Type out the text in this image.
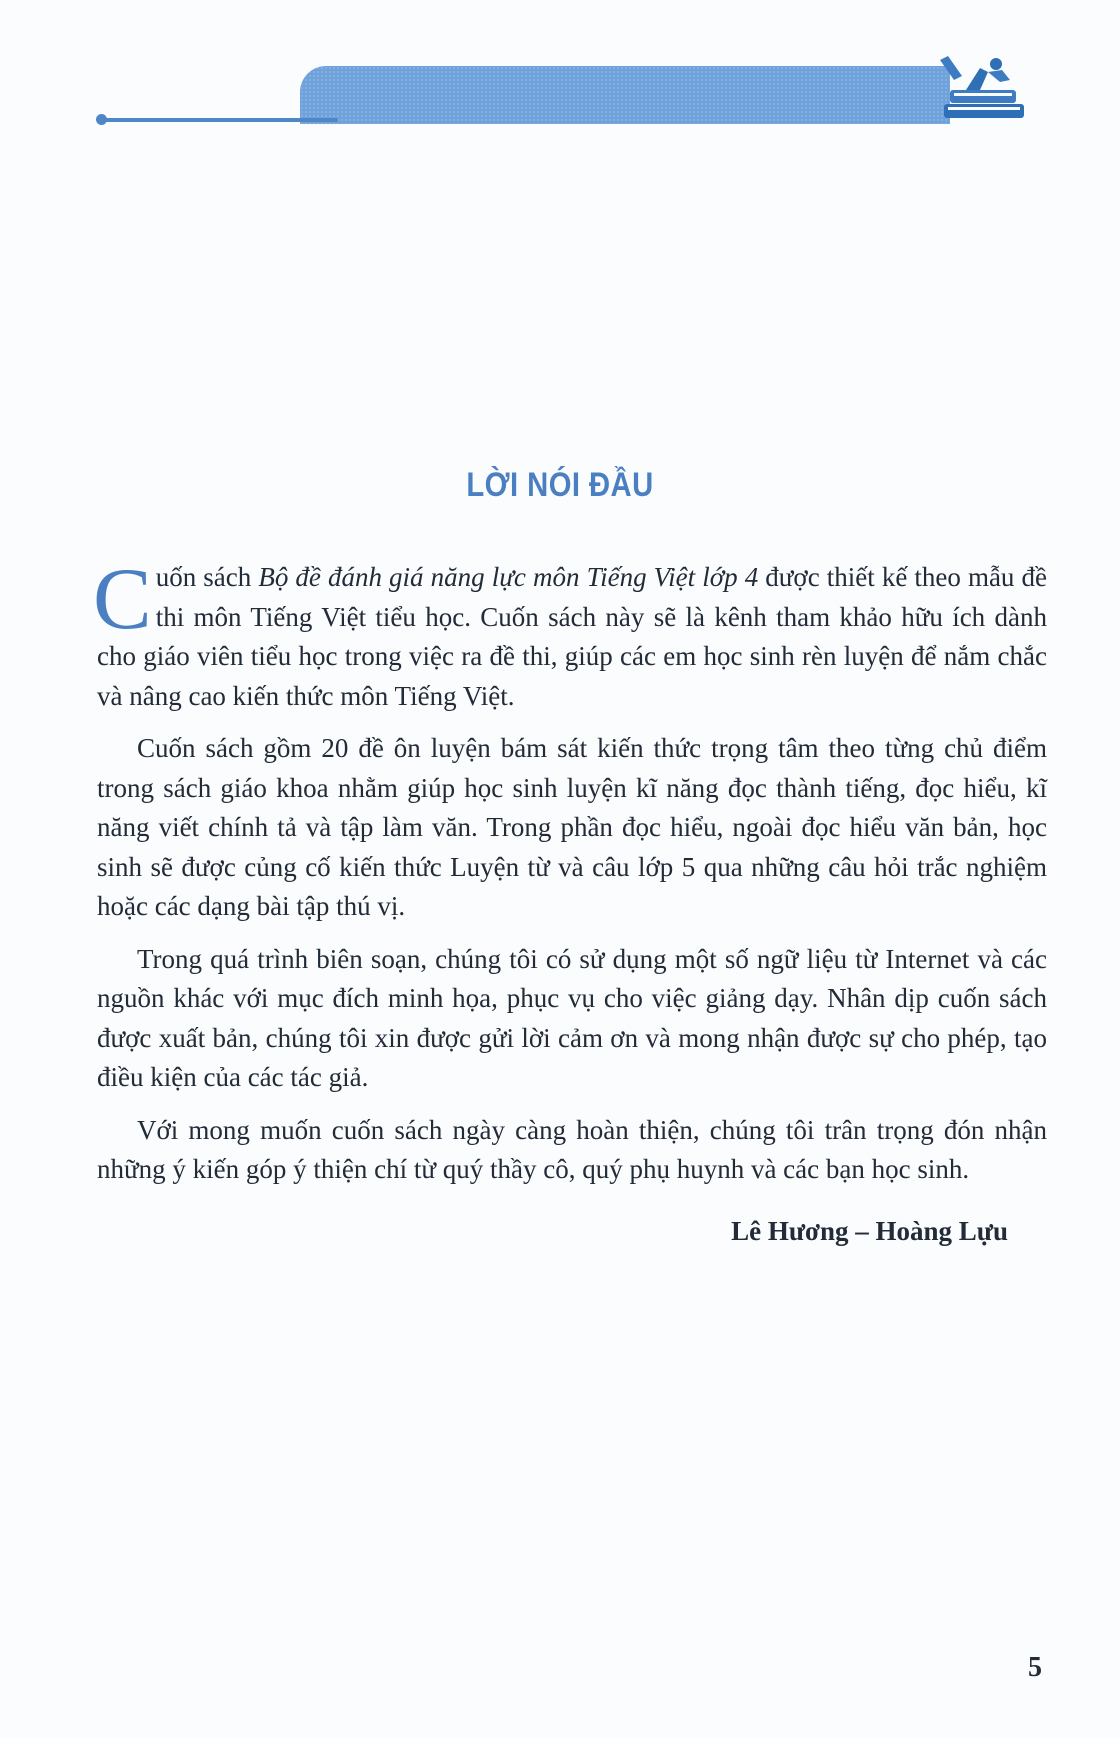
LỜI NÓI ĐẦU

Cuốn sách Bộ đề đánh giá năng lực môn Tiếng Việt lớp 4 được thiết kế theo mẫu đề thi môn Tiếng Việt tiểu học. Cuốn sách này sẽ là kênh tham khảo hữu ích dành cho giáo viên tiểu học trong việc ra đề thi, giúp các em học sinh rèn luyện để nắm chắc và nâng cao kiến thức môn Tiếng Việt.

Cuốn sách gồm 20 đề ôn luyện bám sát kiến thức trọng tâm theo từng chủ điểm trong sách giáo khoa nhằm giúp học sinh luyện kĩ năng đọc thành tiếng, đọc hiểu, kĩ năng viết chính tả và tập làm văn. Trong phần đọc hiểu, ngoài đọc hiểu văn bản, học sinh sẽ được củng cố kiến thức Luyện từ và câu lớp 5 qua những câu hỏi trắc nghiệm hoặc các dạng bài tập thú vị.

Trong quá trình biên soạn, chúng tôi có sử dụng một số ngữ liệu từ Internet và các nguồn khác với mục đích minh họa, phục vụ cho việc giảng dạy. Nhân dịp cuốn sách được xuất bản, chúng tôi xin được gửi lời cảm ơn và mong nhận được sự cho phép, tạo điều kiện của các tác giả.

Với mong muốn cuốn sách ngày càng hoàn thiện, chúng tôi trân trọng đón nhận những ý kiến góp ý thiện chí từ quý thầy cô, quý phụ huynh và các bạn học sinh.

Lê Hương – Hoàng Lựu
5
